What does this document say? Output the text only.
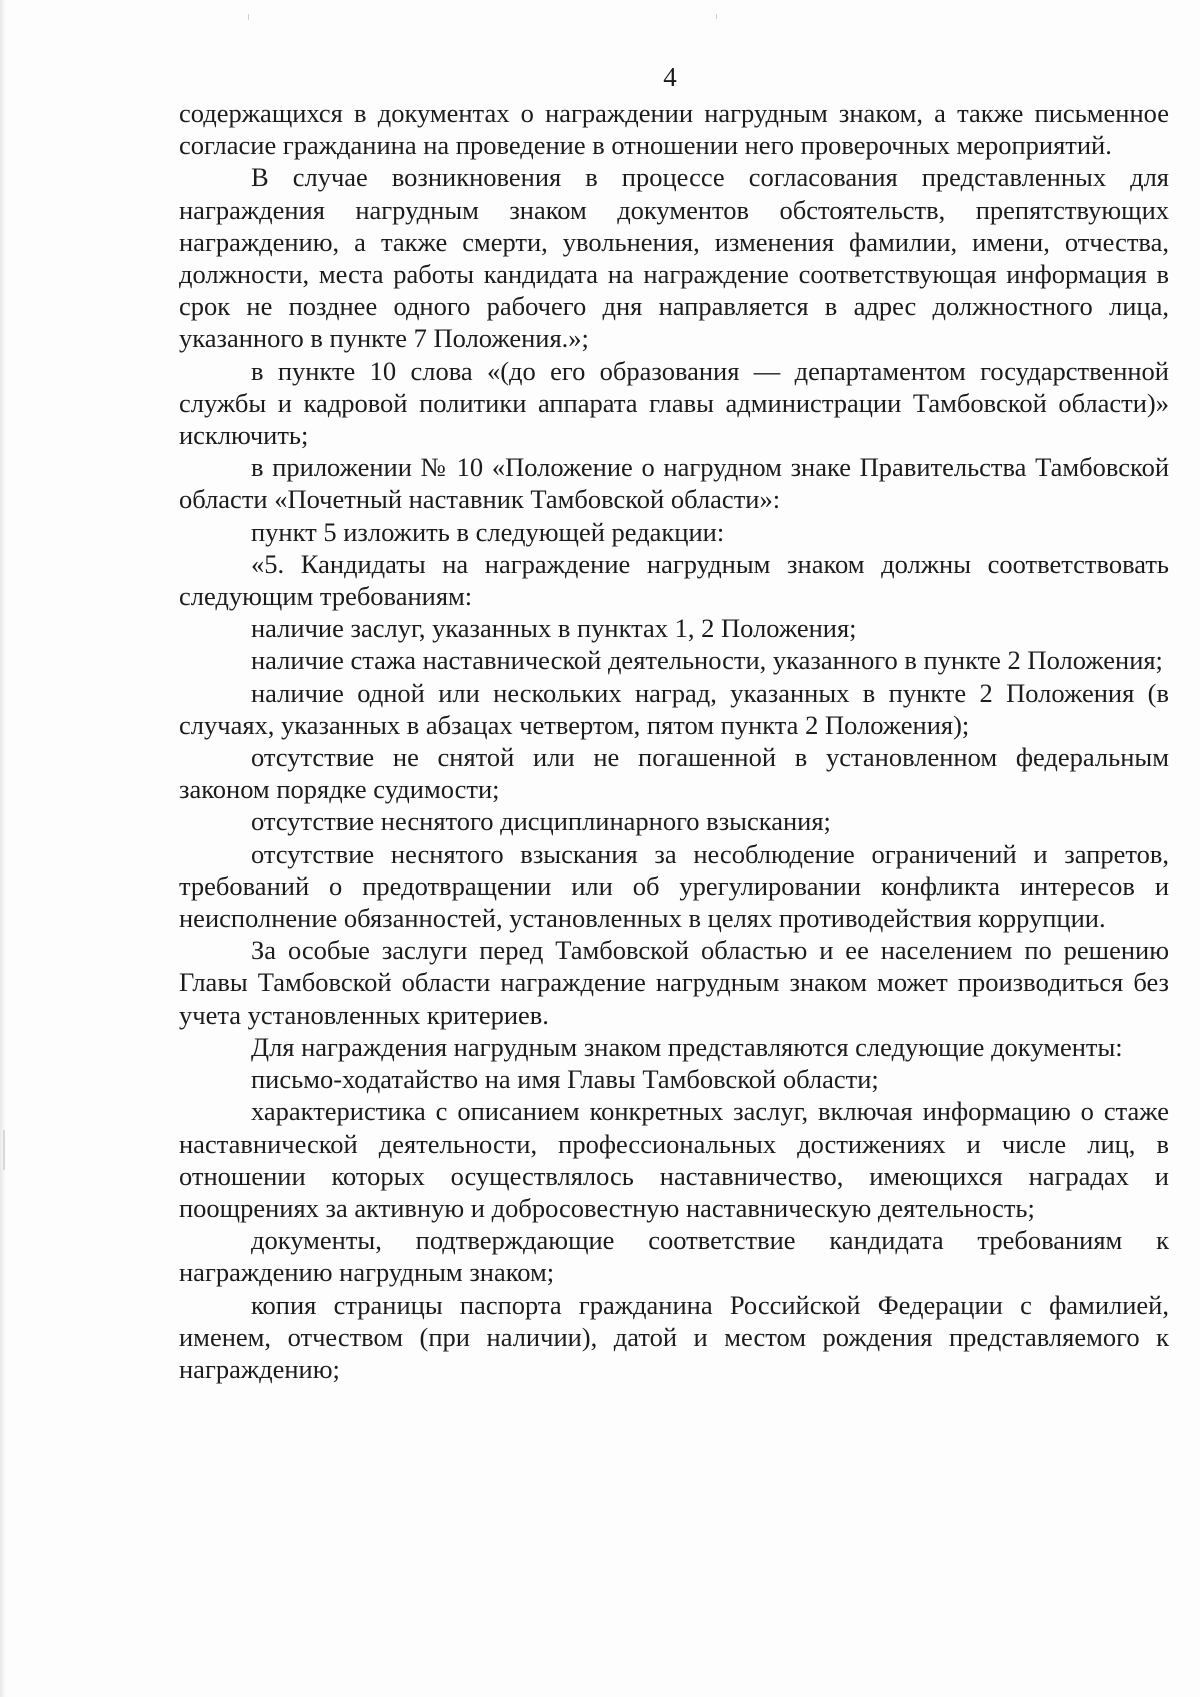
4

содержащихся в документах о награждении нагрудным знаком, а также письменное согласие гражданина на проведение в отношении него проверочных мероприятий.

В случае возникновения в процессе согласования представленных для награждения нагрудным знаком документов обстоятельств, препятствующих награждению, а также смерти, увольнения, изменения фамилии, имени, отчества, должности, места работы кандидата на награждение соответствующая информация в срок не позднее одного рабочего дня направляется в адрес должностного лица, указанного в пункте 7 Положения.»;

в пункте 10 слова «(до его образования — департаментом государственной службы и кадровой политики аппарата главы администрации Тамбовской области)» исключить;

в приложении № 10 «Положение о нагрудном знаке Правительства Тамбовской области «Почетный наставник Тамбовской области»:

пункт 5 изложить в следующей редакции:

«5. Кандидаты на награждение нагрудным знаком должны соответствовать следующим требованиям:

наличие заслуг, указанных в пунктах 1, 2 Положения;

наличие стажа наставнической деятельности, указанного в пункте 2 Положения;

наличие одной или нескольких наград, указанных в пункте 2 Положения (в случаях, указанных в абзацах четвертом, пятом пункта 2 Положения);

отсутствие не снятой или не погашенной в установленном федеральным законом порядке судимости;

отсутствие неснятого дисциплинарного взыскания;

отсутствие неснятого взыскания за несоблюдение ограничений и запретов, требований о предотвращении или об урегулировании конфликта интересов и неисполнение обязанностей, установленных в целях противодействия коррупции.

За особые заслуги перед Тамбовской областью и ее населением по решению Главы Тамбовской области награждение нагрудным знаком может производиться без учета установленных критериев.

Для награждения нагрудным знаком представляются следующие документы:

письмо-ходатайство на имя Главы Тамбовской области;

характеристика с описанием конкретных заслуг, включая информацию о стаже наставнической деятельности, профессиональных достижениях и числе лиц, в отношении которых осуществлялось наставничество, имеющихся наградах и поощрениях за активную и добросовестную наставническую деятельность;

документы, подтверждающие соответствие кандидата требованиям к награждению нагрудным знаком;

копия страницы паспорта гражданина Российской Федерации с фамилией, именем, отчеством (при наличии), датой и местом рождения представляемого к награждению;
